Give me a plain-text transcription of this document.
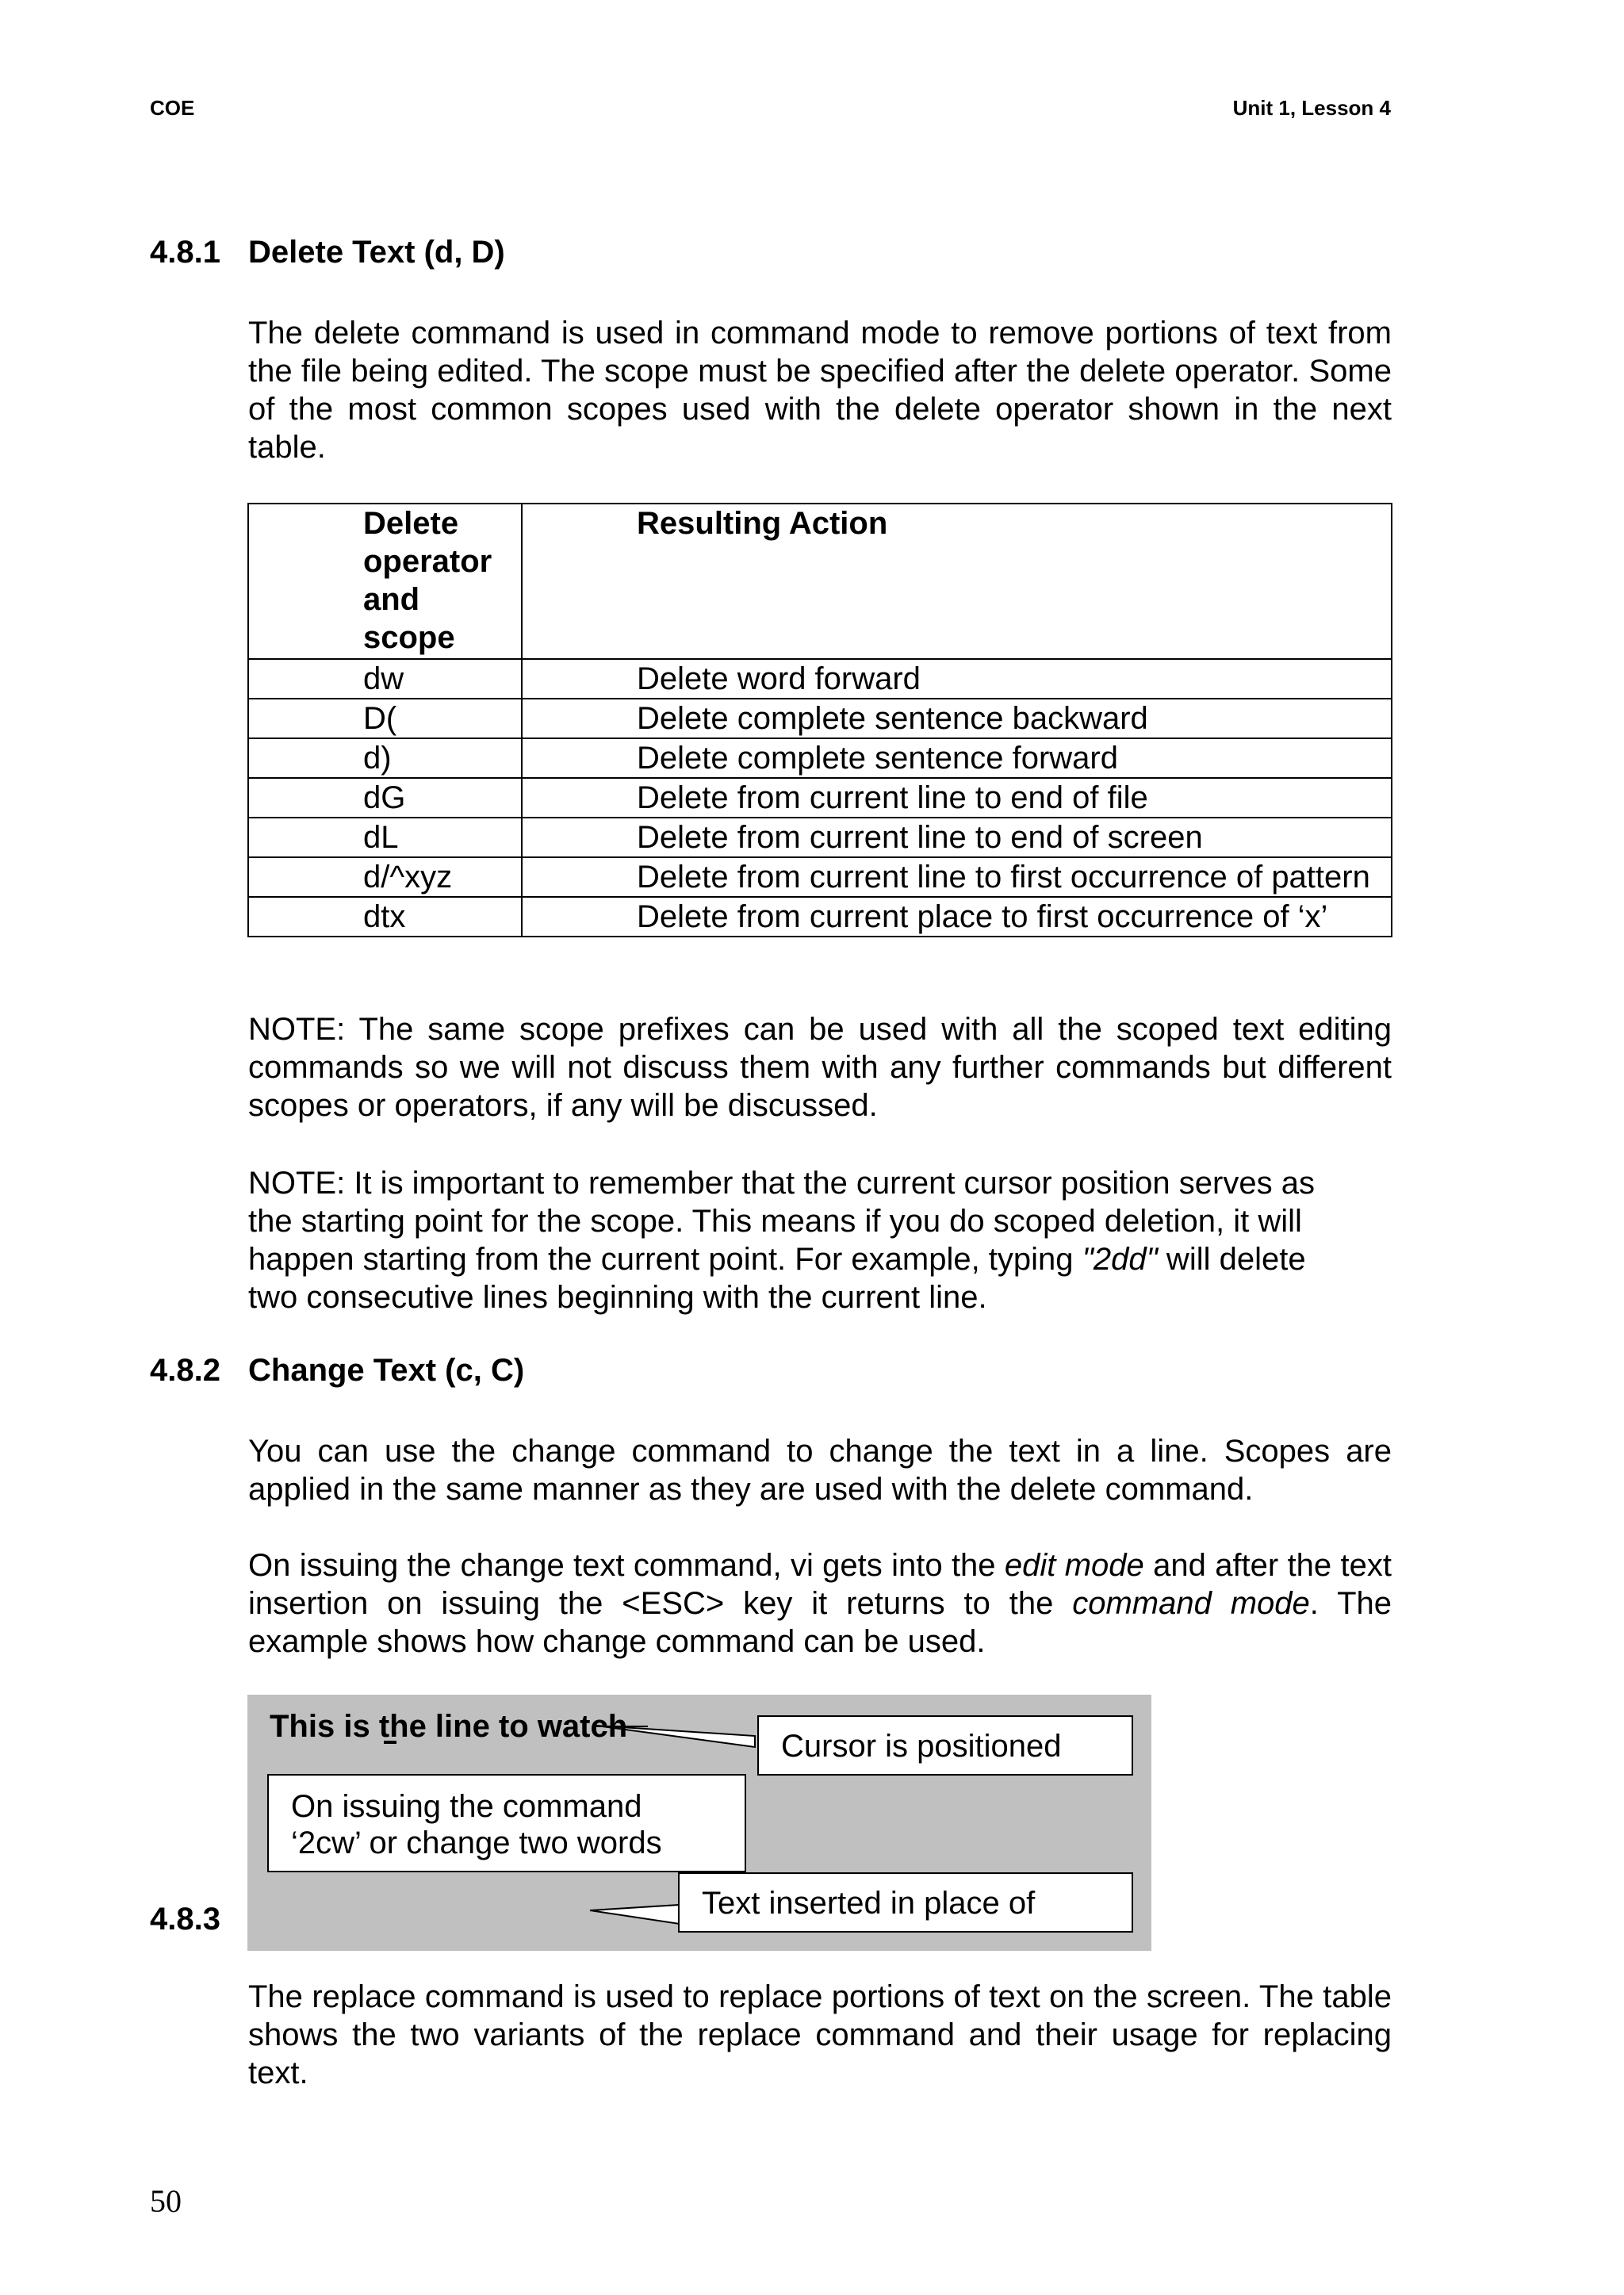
COE	Unit 1, Lesson 4
4.8.1 Delete Text (d, D)

The delete command is used in command mode to remove portions of text from the file being edited. The scope must be specified after the delete operator. Some of the most common scopes used with the delete operator shown in the next table.

Delete operator and scope	Resulting Action
dw	Delete word forward
D(	Delete complete sentence backward
d)	Delete complete sentence forward
dG	Delete from current line to end of file
dL	Delete from current line to end of screen
d/^xyz	Delete from current line to first occurrence of pattern
dtx	Delete from current place to first occurrence of ‘x’

NOTE: The same scope prefixes can be used with all the scoped text editing commands so we will not discuss them with any further commands but different scopes or operators, if any will be discussed.

NOTE: It is important to remember that the current cursor position serves as the starting point for the scope. This means if you do scoped deletion, it will happen starting from the current point. For example, typing "2dd" will delete two consecutive lines beginning with the current line.

4.8.2 Change Text (c, C)

You can use the change command to change the text in a line. Scopes are applied in the same manner as they are used with the delete command.

On issuing the change text command, vi gets into the edit mode and after the text insertion on issuing the <ESC> key it returns to the command mode. The example shows how change command can be used.

This is the line to watch
Cursor is positioned
On issuing the command
‘2cw’ or change two words
Text inserted in place of
4.8.3

The replace command is used to replace portions of text on the screen. The table shows the two variants of the replace command and their usage for replacing text.

50
